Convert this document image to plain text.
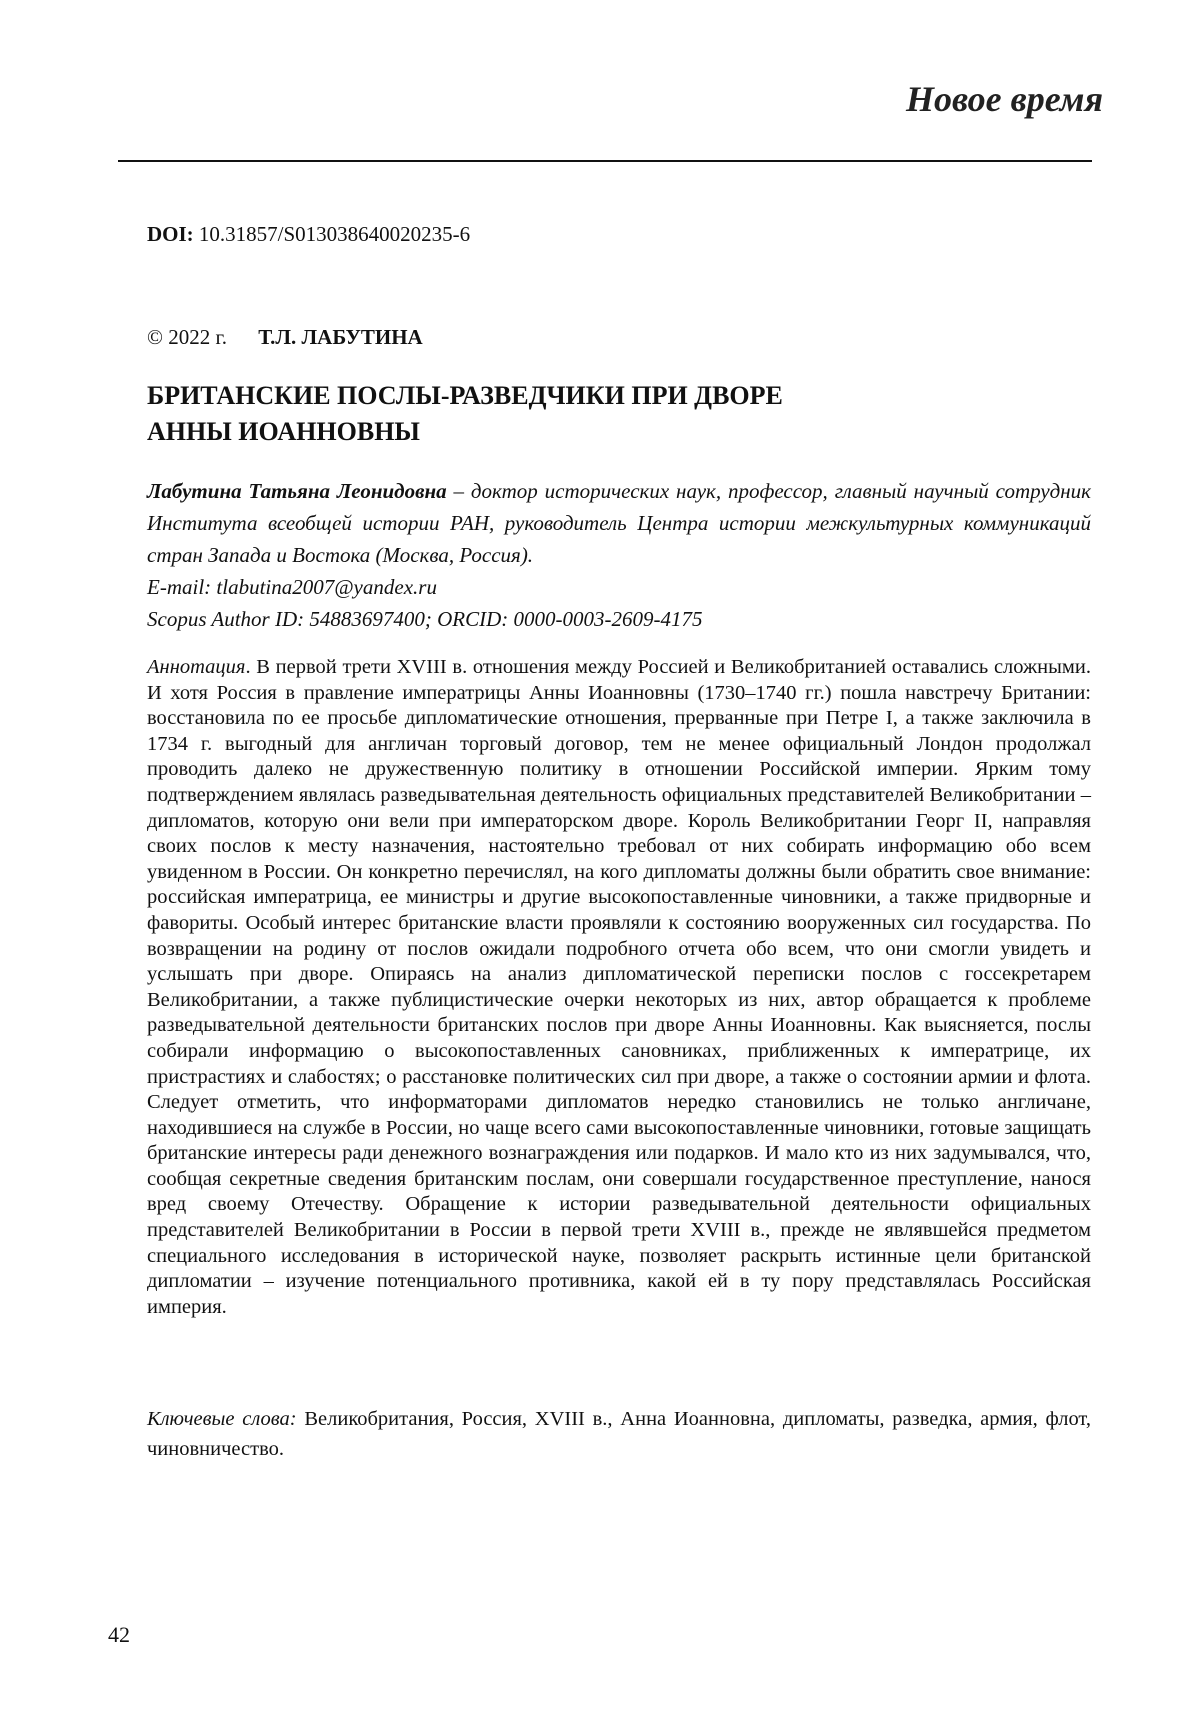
Новое время
DOI: 10.31857/S013038640020235-6
© 2022 г. Т.Л. ЛАБУТИНА
БРИТАНСКИЕ ПОСЛЫ-РАЗВЕДЧИКИ ПРИ ДВОРЕ
АННЫ ИОАННОВНЫ
Лабутина Татьяна Леонидовна – доктор исторических наук, профессор, главный научный сотрудник Института всеобщей истории РАН, руководитель Центра истории межкультурных коммуникаций стран Запада и Востока (Москва, Россия).
E-mail: tlabutina2007@yandex.ru
Scopus Author ID: 54883697400; ORCID: 0000-0003-2609-4175

Аннотация. В первой трети XVIII в. отношения между Россией и Великобританией оставались сложными. И хотя Россия в правление императрицы Анны Иоанновны (1730–1740 гг.) пошла навстречу Британии: восстановила по ее просьбе дипломатические отношения, прерванные при Петре I, а также заключила в 1734 г. выгодный для англичан торговый договор, тем не менее официальный Лондон продолжал проводить далеко не дружественную политику в отношении Российской империи. Ярким тому подтверждением являлась разведывательная деятельность официальных представителей Великобритании – дипломатов, которую они вели при императорском дворе. Король Великобритании Георг II, направляя своих послов к месту назначения, настоятельно требовал от них собирать информацию обо всем увиденном в России. Он конкретно перечислял, на кого дипломаты должны были обратить свое внимание: российская императрица, ее министры и другие высокопоставленные чиновники, а также придворные и фавориты. Особый интерес британские власти проявляли к состоянию вооруженных сил государства. По возвращении на родину от послов ожидали подробного отчета обо всем, что они смогли увидеть и услышать при дворе. Опираясь на анализ дипломатической переписки послов с госсекретарем Великобритании, а также публицистические очерки некоторых из них, автор обращается к проблеме разведывательной деятельности британских послов при дворе Анны Иоанновны. Как выясняется, послы собирали информацию о высокопоставленных сановниках, приближенных к императрице, их пристрастиях и слабостях; о расстановке политических сил при дворе, а также о состоянии армии и флота. Следует отметить, что информаторами дипломатов нередко становились не только англичане, находившиеся на службе в России, но чаще всего сами высокопоставленные чиновники, готовые защищать британские интересы ради денежного вознаграждения или подарков. И мало кто из них задумывался, что, сообщая секретные сведения британским послам, они совершали государственное преступление, нанося вред своему Отечеству. Обращение к истории разведывательной деятельности официальных представителей Великобритании в России в первой трети XVIII в., прежде не являвшейся предметом специального исследования в исторической науке, позволяет раскрыть истинные цели британской дипломатии – изучение потенциального противника, какой ей в ту пору представлялась Российская империя.

Ключевые слова: Великобритания, Россия, XVIII в., Анна Иоанновна, дипломаты, разведка, армия, флот, чиновничество.

42
